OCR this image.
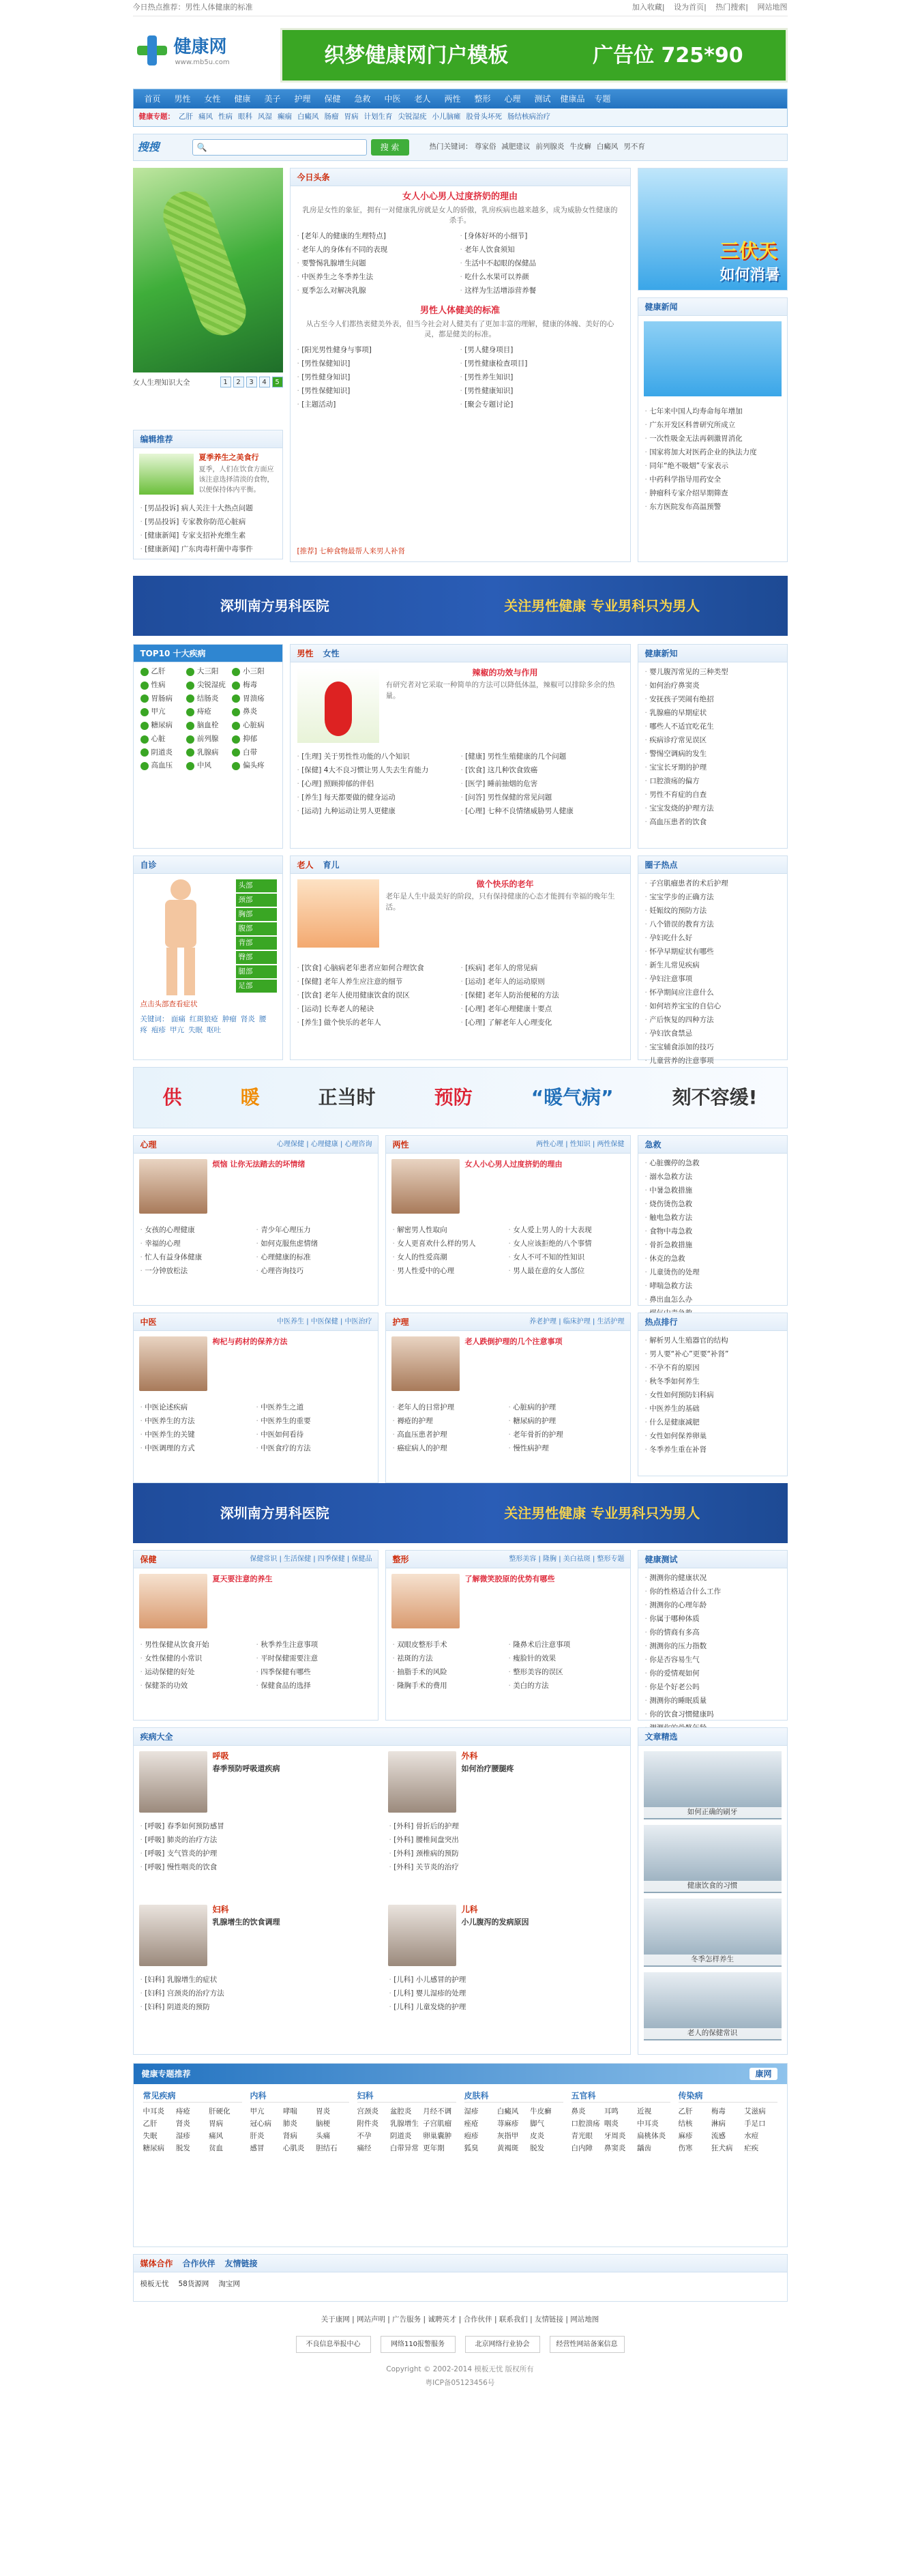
今日热点推荐：男性人体健康的标准	加入收藏| 设为首页| 热门搜索| 网站地图
健康网
www.mb5u.com	织梦健康网门户模板	广告位 725*90
首页	男性	女性	健康	美子	护理	保健	急救	中医	老人	两性	整形	心理	测试	健康品	专题
健康专题： 乙肝 痛风 性病 眼科 风湿 癫痫 白癜风 肠瘤 胃病 计划生育 尖锐湿疣 小儿脑瘫 股骨头坏死 肠结核病治疗
搜搜	🔍	搜 索	热门关键词： 尊家俗 减肥建议 前列腺炎 牛皮癣 白癜风 男不育
女人生理知识大全	1	2	3	4	5
编辑推荐
夏季养生之美食行
夏季，人们在饮食方面应该注意选择清淡的食物，以便保持体内平衡。
· [男品投诉] 病人关注十大热点问题
· [男品投诉] 专家教你防范心脏病
· [健康新闻] 专家支招补充维生素
· [健康新闻] 广东肉毒杆菌中毒事件
今日头条
女人小心男人过度挤奶的理由
乳房是女性的象征，拥有一对健康乳房就是女人的骄傲，乳房疾病也越来越多，成为威胁女性健康的杀手。
· [老年人的健康的生理特点]	· [身体好坏的小细节]
· 老年人的身体有不同的表现	· 老年人饮食须知
· 要警惕乳腺增生问题	· 生活中不起眼的保健品
· 中医养生之冬季养生法	· 吃什么水果可以养颜
· 夏季怎么对解决乳腺	· 这样为生活增添营养餐
男性人体健美的标准
从古至今人们都热衷健美外表，但当今社会对人健美有了更加丰富的理解，健康的体魄、美好的心灵，都是健美的标准。
· [阳光男性健身与事项]	· [男人健身项目]
· [男性保健知识]	· [男性健康检查项目]
· [男性健身知识]	· [男性养生知识]
· [男性保健知识]	· [男性健康知识]
· [主题活动]	· [聚会专题讨论]
[推荐] 七种食物最帮人来男人补肾
三伏天
如何消暑
健康新闻
· 七年来中国人均寿命每年增加
· 广东开发区科普研究所成立
· 一次性吸金无法再刺激胃消化
· 国家将加大对医药企业的执法力度
· 同年“绝不吸烟”专家表示
· 中药科学指导用药安全
· 肿瘤科专家介绍早期筛查
· 东方医院发布高温预警
深圳南方男科医院	关注男性健康 专业男科只为男人
TOP10 十大疾病
乙肝	大三阳	小三阳
性病	尖锐湿疣 梅毒
胃肠病	结肠炎	胃溃疡
甲亢	痔疮	鼻炎
糖尿病	脑血栓	心脏病
心脏	前列腺	抑郁
阴道炎	乳腺病	白带
高血压	中风	偏头疼
男性 女性
辣椒的功效与作用
有研究者对它采取一种简单的方法可以降低体温，辣椒可以排除多余的热量。
· [生理] 关于男性性功能的八个知识	· [健康] 男性生殖健康的几个问题
· [保健] 4大不良习惯让男人失去生育能力	· [饮食] 这几种饮食致癌
· [心理] 照顾抑郁的伴侣	· [医学] 睡前抽烟的危害
· [养生] 每天都要做的健身运动	· [问答] 男性保健的常见问题
· [运动] 九种运动让男人更健康	· [心理] 七种不良情绪威胁男人健康
健康新知
· 婴儿腹泻常见的三种类型
· 如何治疗鼻窦炎
· 安抚孩子哭闹有绝招
· 乳腺癌的早期症状
· 哪些人不适宜吃花生
· 疾病诊疗常见误区
· 警惕空调病的发生
· 宝宝长牙期的护理
· 口腔溃疡的偏方
· 男性不育症的自查
· 宝宝发烧的护理方法
· 高血压患者的饮食
自诊
头部
颈部
胸部
腹部
背部
臀部
腿部
足部
点击头部查看症状
关键词： 面痛 红斑狼疮 肿瘤 肾炎 腰疼 疱疹 甲亢 失眠 呕吐
老人 育儿
做个快乐的老年
老年是人生中最美好的阶段，只有保持健康的心态才能拥有幸福的晚年生活。
· [饮食] 心脑病老年患者应如何合理饮食	· [疾病] 老年人的常见病
· [保健] 老年人养生应注意的细节	· [运动] 老年人的运动原则
· [饮食] 老年人使用健康饮食的误区	· [保健] 老年人防治便秘的方法
· [运动] 长寿老人的秘诀	· [心理] 老年心理健康十要点
· [养生] 做个快乐的老年人	· [心理] 了解老年人心理变化
圈子热点
· 子宫肌瘤患者的术后护理
· 宝宝学步的正确方法
· 妊娠纹的预防方法
· 八个错误的教育方法
· 孕妇吃什么好
· 怀孕早期症状有哪些
· 新生儿常见疾病
· 孕妇注意事项
· 怀孕期间应注意什么
· 如何培养宝宝的自信心
· 产后恢复的四种方法
· 孕妇饮食禁忌
· 宝宝辅食添加的技巧
· 儿童营养的注意事项
供	暖	正当时	预防	“暖气病”	刻不容缓!
心理	心理保健 | 心理健康 | 心理咨询
烦恼 让你无法踏去的坏情绪
· 女孩的心理健康	· 青少年心理压力
· 幸福的心理	· 如何克服焦虑情绪
· 忙人有益身体健康	· 心理健康的标准
· 一分钟放松法	· 心理咨询技巧
两性	两性心理 | 性知识 | 两性保健
女人小心男人过度挤奶的理由
· 解密男人性取向	· 女人爱上男人的十大表现
· 女人更喜欢什么样的男人	· 女人应该拒绝的八个事情
· 女人的性爱高潮	· 女人不可不知的性知识
· 男人性爱中的心理	· 男人最在意的女人部位
中医	中医养生 | 中医保健 | 中医治疗
枸杞与药材的保养方法
· 中医论述疾病	· 中医养生之道
· 中医养生的方法	· 中医养生的重要
· 中医养生的关键	· 中医如何看待
· 中医调理的方式	· 中医食疗的方法
护理	养老护理 | 临床护理 | 生活护理
老人跌倒护理的几个注意事项
· 老年人的日常护理	· 心脏病的护理
· 褥疮的护理	· 糖尿病的护理
· 高血压患者护理	· 老年骨折的护理
· 癌症病人的护理	· 慢性病护理
急救
· 心脏骤停的急救
· 溺水急救方法
· 中暑急救措施
· 烧伤烫伤急救
· 触电急救方法
· 食物中毒急救
· 骨折急救措施
· 休克的急救
· 儿童烫伤的处理
· 哮喘急救方法
· 鼻出血怎么办
·
热点排行
· 解析男人生殖器官的结构
· 男人要“补心”更要“补肾”
· 不孕不育的原因
· 秋冬季如何养生
· 女性如何预防妇科病
· 中医养生的基础
· 什么是健康减肥
· 女性如何保养卵巢
· 冬季养生重在补肾
深圳南方男科医院	关注男性健康 专业男科只为男人
保健	保健常识 | 生活保健 | 四季保健 | 保健品
夏天要注意的养生
· 男性保健从饮食开始	· 秋季养生注意事项
· 女性保健的小常识	· 平时保健需要注意
· 运动保健的好处	· 四季保健有哪些
· 保健茶的功效	· 保健食品的选择
整形	整形美容 | 隆胸 | 美白祛斑 | 整形专题
了解微笑胶原的优势有哪些
· 双眼皮整形手术	· 隆鼻术后注意事项
· 祛斑的方法	· 瘦脸针的效果
· 抽脂手术的风险	· 整形美容的误区
· 隆胸手术的费用	· 美白的方法
健康测试
· 测测你的健康状况
· 你的性格适合什么工作
· 测测你的心理年龄
· 你属于哪种体质
· 你的情商有多高
· 测测你的压力指数
· 你是否容易生气
· 你的爱情观如何
· 你是个好老公吗
· 测测你的睡眠质量
· 你的饮食习惯健康吗
·
疾病大全
呼吸
春季预防呼吸道疾病
· [呼吸] 春季如何预防感冒
· [呼吸] 肺炎的治疗方法
· [呼吸] 支气管炎的护理
· [呼吸] 慢性咽炎的饮食
外科
如何治疗腰腿疼
· [外科] 骨折后的护理
· [外科] 腰椎间盘突出
· [外科] 颈椎病的预防
· [外科] 关节炎的治疗
妇科
乳腺增生的饮食调理
· [妇科] 乳腺增生的症状
· [妇科] 宫颈炎的治疗方法
· [妇科] 阴道炎的预防
儿科
小儿腹泻的发病原因
· [儿科] 小儿感冒的护理
· [儿科] 婴儿湿疹的处理
· [儿科] 儿童发烧的护理
文章精选
如何正确的刷牙
健康饮食的习惯
冬季怎样养生
老人的保健常识
健康专题推荐	康网
常见疾病
中耳炎	痔疮	肝硬化
乙肝	肾炎	胃病
失眠	湿疹	痛风
糖尿病	脱发	贫血
内科
甲亢	哮喘	胃炎
冠心病	肺炎	脑梗
肝炎	肾病	头痛
感冒	心肌炎	胆结石
妇科
宫颈炎	盆腔炎	月经不调
附件炎	乳腺增生 子宫肌瘤
不孕	阴道炎	卵巢囊肿
痛经	白带异常 更年期
皮肤科
湿疹	白癜风	牛皮癣
痤疮	荨麻疹	脚气
疱疹	灰指甲	皮炎
狐臭	黄褐斑	脱发
五官科
鼻炎	耳鸣	近视
口腔溃疡 咽炎	中耳炎
青光眼	牙周炎	扁桃体炎
白内障	鼻窦炎	龋齿
传染病
乙肝	梅毒	艾滋病
结核	淋病	手足口
麻疹	流感	水痘
伤寒	狂犬病	疟疾
媒体合作 合作伙伴 友情链接
模板无忧 58货源网 淘宝网
关于康网 | 网站声明 | 广告服务 | 诚聘英才 | 合作伙伴 | 联系我们 | 友情链接 | 网站地图
不良信息举报中心	网络110报警服务	北京网络行业协会	经营性网站备案信息
Copyright © 2002-2014 模板无忧 版权所有
粤ICP备05123456号
